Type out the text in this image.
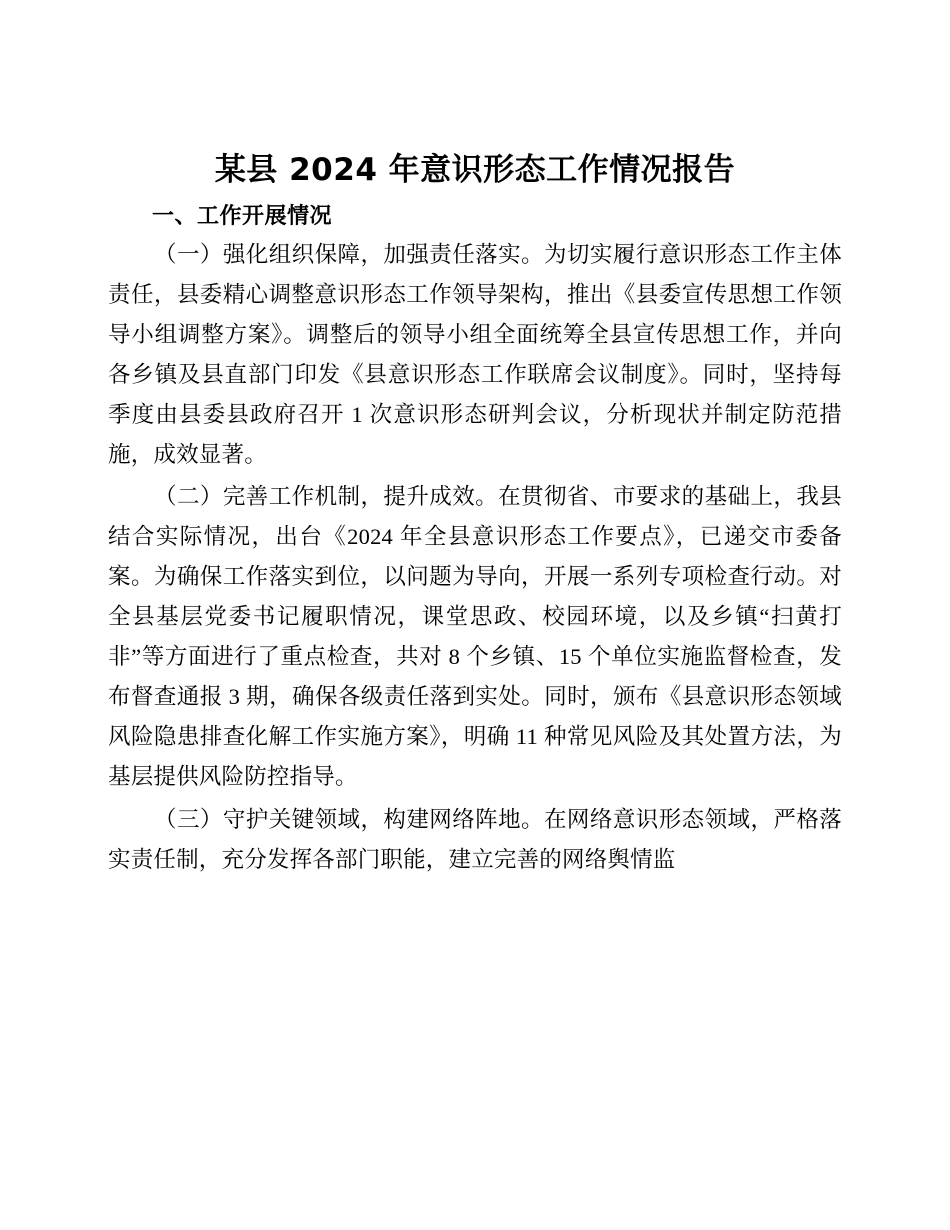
某县 2024 年意识形态工作情况报告
一、工作开展情况

（一）强化组织保障，加强责任落实。为切实履行意识形态工作主体责任，县委精心调整意识形态工作领导架构，推出《县委宣传思想工作领导小组调整方案》。调整后的领导小组全面统筹全县宣传思想工作，并向各乡镇及县直部门印发《县意识形态工作联席会议制度》。同时，坚持每季度由县委县政府召开 1 次意识形态研判会议，分析现状并制定防范措施，成效显著。

（二）完善工作机制，提升成效。在贯彻省、市要求的基础上，我县结合实际情况，出台《2024 年全县意识形态工作要点》，已递交市委备案。为确保工作落实到位，以问题为导向，开展一系列专项检查行动。对全县基层党委书记履职情况，课堂思政、校园环境，以及乡镇“扫黄打非”等方面进行了重点检查，共对 8 个乡镇、15 个单位实施监督检查，发布督查通报 3 期，确保各级责任落到实处。同时，颁布《县意识形态领域风险隐患排查化解工作实施方案》，明确 11 种常见风险及其处置方法，为基层提供风险防控指导。

（三）守护关键领域，构建网络阵地。在网络意识形态领域，严格落实责任制，充分发挥各部门职能，建立完善的网络舆情监
